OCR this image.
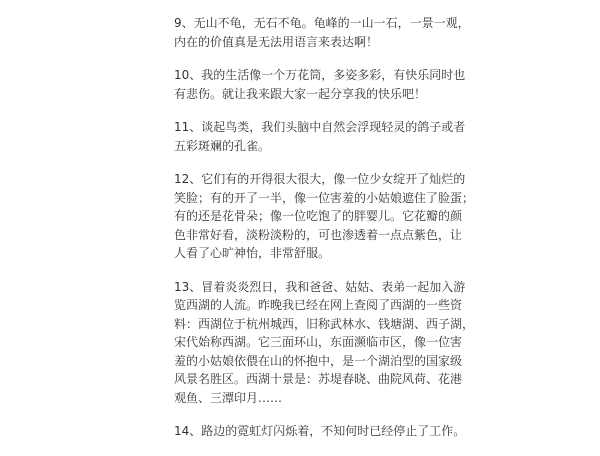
9、无山不龟，无石不龟。龟峰的一山一石，一景一观，
内在的价值真是无法用语言来表达啊！
10、我的生活像一个万花筒，多姿多彩，有快乐同时也
有悲伤。就让我来跟大家一起分享我的快乐吧！
11、谈起鸟类，我们头脑中自然会浮现轻灵的鸽子或者
五彩斑斓的孔雀。
12、它们有的开得很大很大，像一位少女绽开了灿烂的
笑脸；有的开了一半，像一位害羞的小姑娘遮住了脸蛋；
有的还是花骨朵；像一位吃饱了的胖婴儿。它花瓣的颜
色非常好看，淡粉淡粉的，可也渗透着一点点紫色，让
人看了心旷神怡，非常舒服。
13、冒着炎炎烈日，我和爸爸、姑姑、表弟一起加入游
览西湖的人流。昨晚我已经在网上查阅了西湖的一些资
料：西湖位于杭州城西，旧称武林水、钱塘湖、西子湖，
宋代始称西湖。它三面环山，东面濒临市区，像一位害
羞的小姑娘依偎在山的怀抱中，是一个湖泊型的国家级
风景名胜区。西湖十景是：苏堤春晓、曲院风荷、花港
观鱼、三潭印月……
14、路边的霓虹灯闪烁着，不知何时已经停止了工作。
